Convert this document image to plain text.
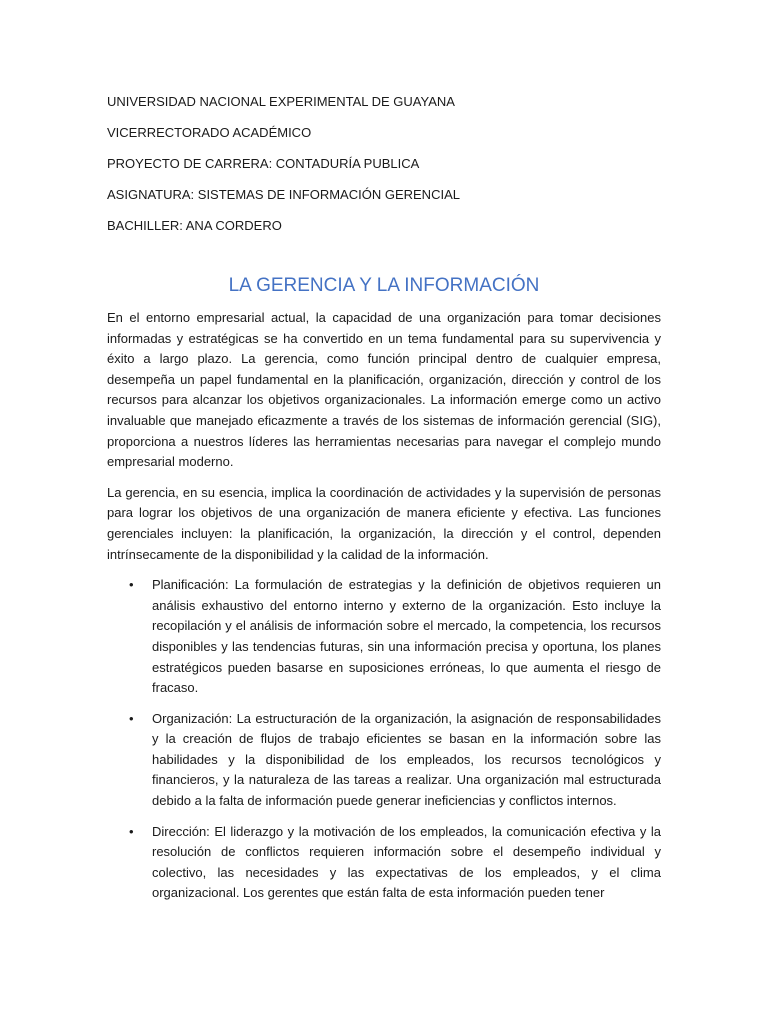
UNIVERSIDAD NACIONAL EXPERIMENTAL DE GUAYANA
VICERRECTORADO ACADÉMICO
PROYECTO DE CARRERA: CONTADURÍA PUBLICA
ASIGNATURA: SISTEMAS DE INFORMACIÓN GERENCIAL
BACHILLER: ANA CORDERO
LA GERENCIA Y LA INFORMACIÓN

En el entorno empresarial actual, la capacidad de una organización para tomar decisiones informadas y estratégicas se ha convertido en un tema fundamental para su supervivencia y éxito a largo plazo. La gerencia, como función principal dentro de cualquier empresa, desempeña un papel fundamental en la planificación, organización, dirección y control de los recursos para alcanzar los objetivos organizacionales. La información emerge como un activo invaluable que manejado eficazmente a través de los sistemas de información gerencial (SIG), proporciona a nuestros líderes las herramientas necesarias para navegar el complejo mundo empresarial moderno.

La gerencia, en su esencia, implica la coordinación de actividades y la supervisión de personas para lograr los objetivos de una organización de manera eficiente y efectiva. Las funciones gerenciales incluyen: la planificación, la organización, la dirección y el control, dependen intrínsecamente de la disponibilidad y la calidad de la información.

• Planificación: La formulación de estrategias y la definición de objetivos requieren un análisis exhaustivo del entorno interno y externo de la organización. Esto incluye la recopilación y el análisis de información sobre el mercado, la competencia, los recursos disponibles y las tendencias futuras, sin una información precisa y oportuna, los planes estratégicos pueden basarse en suposiciones erróneas, lo que aumenta el riesgo de fracaso.
• Organización: La estructuración de la organización, la asignación de responsabilidades y la creación de flujos de trabajo eficientes se basan en la información sobre las habilidades y la disponibilidad de los empleados, los recursos tecnológicos y financieros, y la naturaleza de las tareas a realizar. Una organización mal estructurada debido a la falta de información puede generar ineficiencias y conflictos internos.
• Dirección: El liderazgo y la motivación de los empleados, la comunicación efectiva y la resolución de conflictos requieren información sobre el desempeño individual y colectivo, las necesidades y las expectativas de los empleados, y el clima organizacional. Los gerentes que están falta de esta información pueden tener
